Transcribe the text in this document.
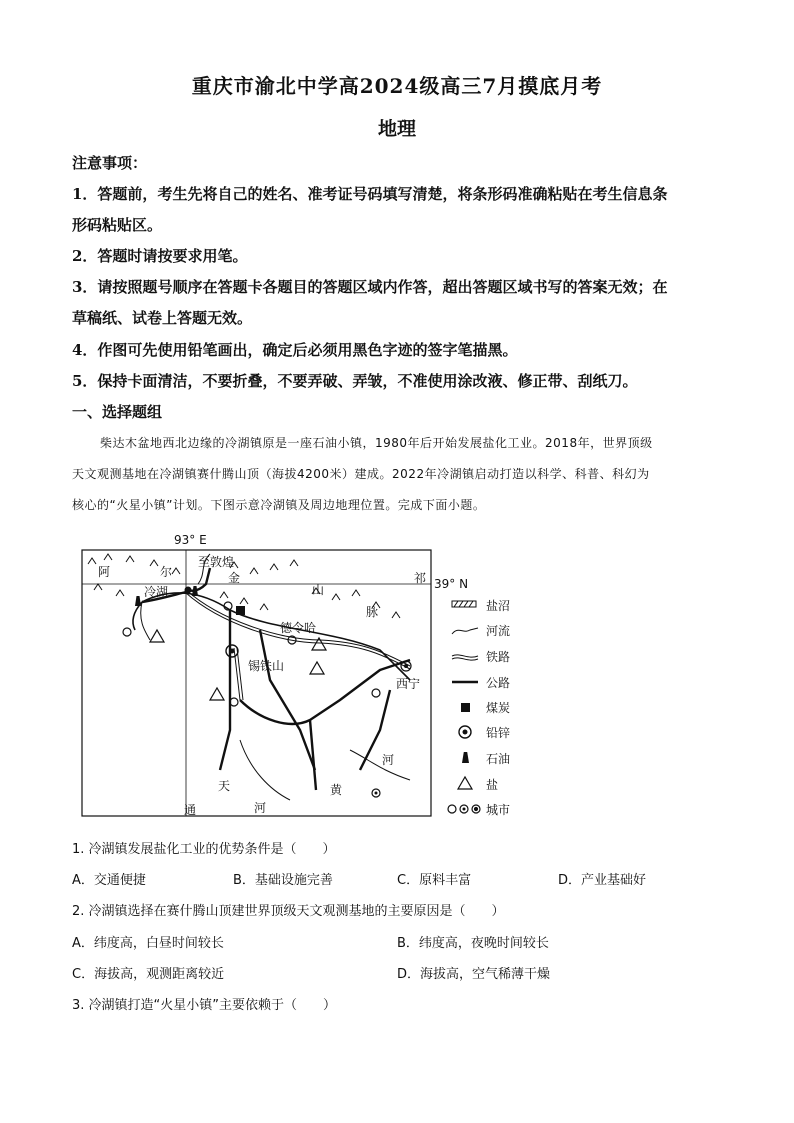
重庆市渝北中学高2024级高三7月摸底月考
地理
注意事项：
1．答题前，考生先将自己的姓名、准考证号码填写清楚，将条形码准确粘贴在考生信息条
形码粘贴区。
2．答题时请按要求用笔。
3．请按照题号顺序在答题卡各题目的答题区域内作答，超出答题区域书写的答案无效；在
草稿纸、试卷上答题无效。
4．作图可先使用铅笔画出，确定后必须用黑色字迹的签字笔描黑。
5．保持卡面清洁，不要折叠，不要弄破、弄皱，不准使用涂改液、修正带、刮纸刀。
一、选择题组
柴达木盆地西北边缘的冷湖镇原是一座石油小镇，1980年后开始发展盐化工业。2018年，世界顶级
天文观测基地在冷湖镇赛什腾山顶（海拔4200米）建成。2022年冷湖镇启动打造以科学、科普、科幻为
核心的“火星小镇”计划。下图示意冷湖镇及周边地理位置。完成下面小题。
93° E
39° N
至敦煌
冷湖
德令哈
锡铁山
西宁
阿	尔	金
山
脉
祁
天
河
黄
河
通
盐沼
河流
铁路
公路
煤炭
铅锌
石油
盐
城市
1. 冷湖镇发展盐化工业的优势条件是（　　）
A．交通便捷	B．基础设施完善	C．原料丰富	D．产业基础好
2. 冷湖镇选择在赛什腾山顶建世界顶级天文观测基地的主要原因是（　　）
A．纬度高，白昼时间较长	B．纬度高，夜晚时间较长
C．海拔高，观测距离较近	D．海拔高，空气稀薄干燥
3. 冷湖镇打造“火星小镇”主要依赖于（　　）
